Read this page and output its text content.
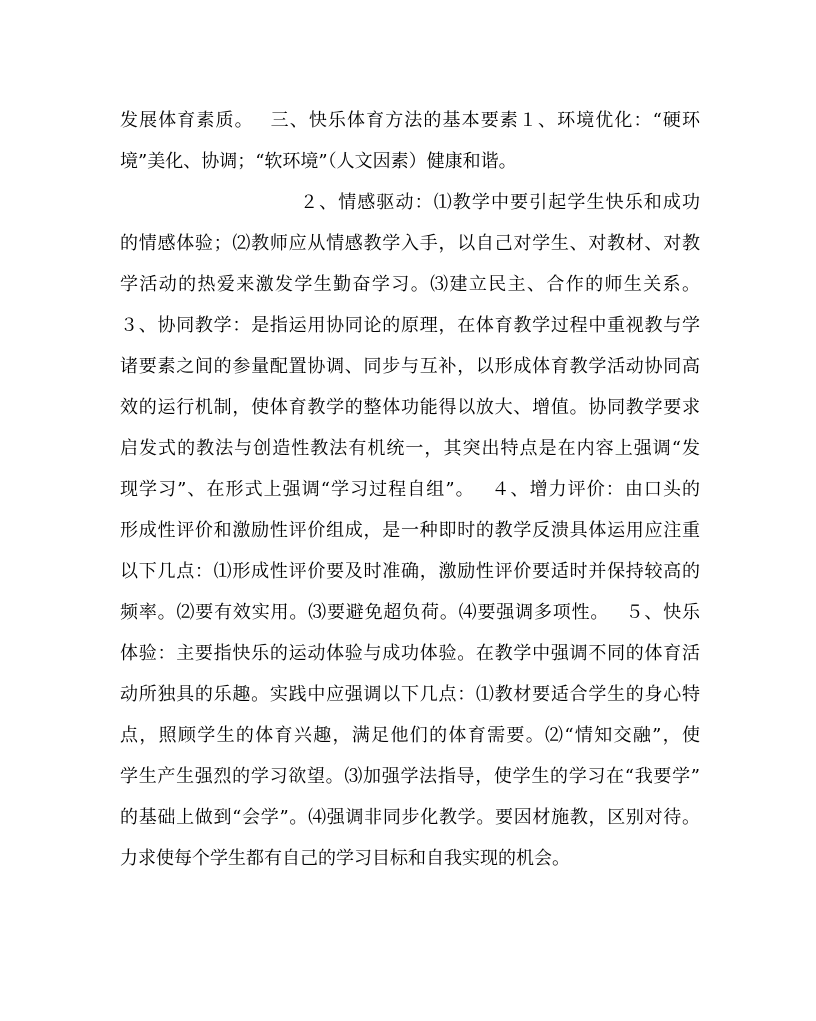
发展体育素质。　 三、快乐体育方法的基本要素１、环境优化：“硬环
境”美化、协调；“软环境”（人文因素）健康和谐。
２、情感驱动：⑴教学中要引起学生快乐和成功
的情感体验；⑵教师应从情感教学入手，以自己对学生、对教材、对教
学活动的热爱来激发学生勤奋学习。⑶建立民主、合作的师生关系。
３、协同教学：是指运用协同论的原理，在体育教学过程中重视教与学
诸要素之间的参量配置协调、同步与互补，以形成体育教学活动协同高
效的运行机制，使体育教学的整体功能得以放大、增值。协同教学要求
启发式的教法与创造性教法有机统一，其突出特点是在内容上强调“发
现学习”、在形式上强调“学习过程自组”。　 ４、增力评价：由口头的
形成性评价和激励性评价组成，是一种即时的教学反溃具体运用应注重
以下几点：⑴形成性评价要及时准确，激励性评价要适时并保持较高的
频率。⑵要有效实用。⑶要避免超负荷。⑷要强调多项性。　 ５、快乐
体验：主要指快乐的运动体验与成功体验。在教学中强调不同的体育活
动所独具的乐趣。实践中应强调以下几点：⑴教材要适合学生的身心特
点，照顾学生的体育兴趣，满足他们的体育需要。⑵“情知交融”，使
学生产生强烈的学习欲望。⑶加强学法指导，使学生的学习在“我要学”
的基础上做到“会学”。⑷强调非同步化教学。要因材施教，区别对待。
力求使每个学生都有自己的学习目标和自我实现的机会。
